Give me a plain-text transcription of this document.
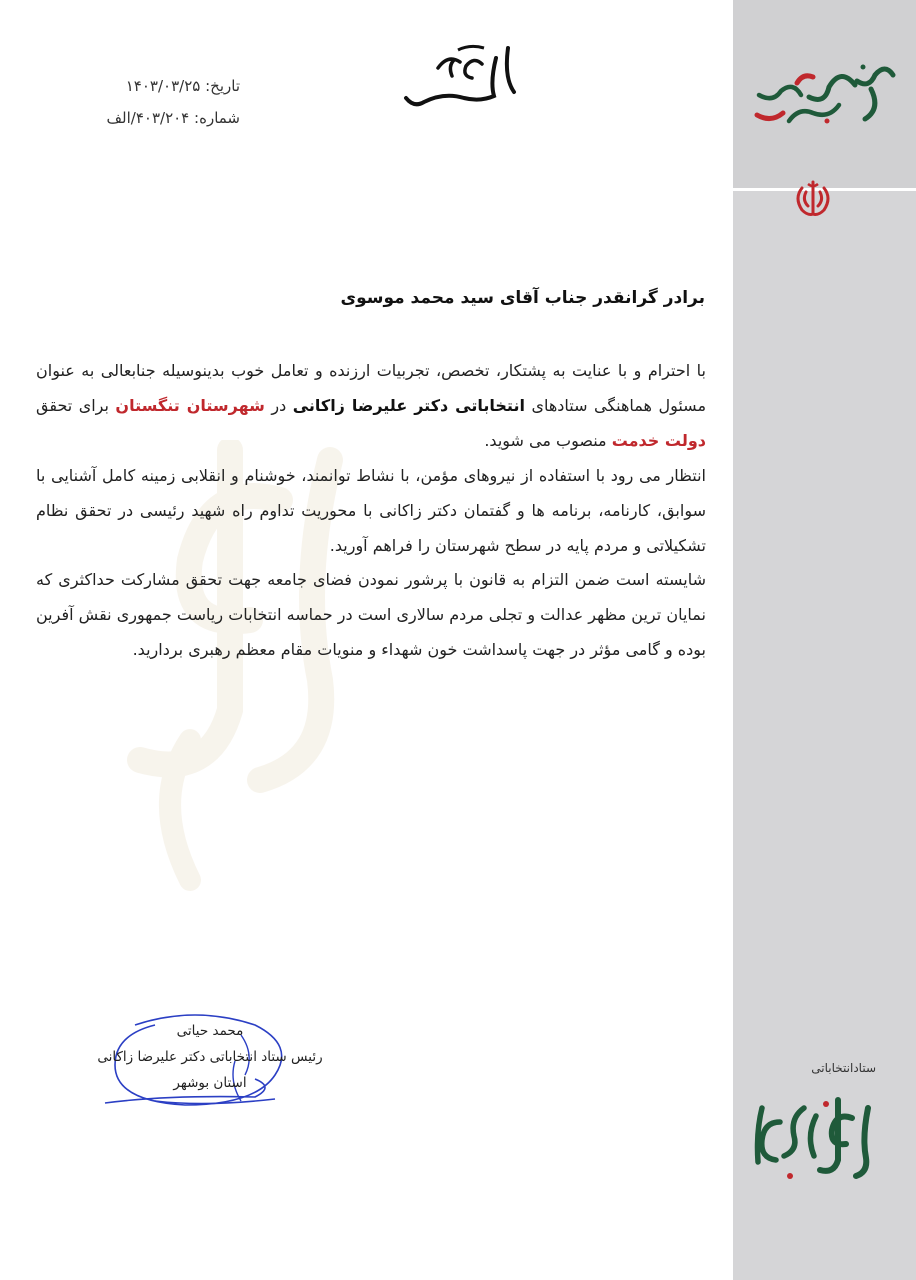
ستادانتخاباتی
تاریخ: ۱۴۰۳/۰۳/۲۵
شماره: ۴۰۳/۲۰۴/الف
برادر گرانقدر جناب آقای سید محمد موسوی

با احترام و با عنایت به پشتکار، تخصص، تجربیات ارزنده و تعامل خوب بدینوسیله جنابعالی به عنوان مسئول هماهنگی ستادهای انتخاباتی دکتر علیرضا زاکانی در شهرستان تنگستان برای تحقق دولت خدمت منصوب می شوید.

انتظار می رود با استفاده از نیروهای مؤمن، با نشاط توانمند، خوشنام و انقلابی زمینه کامل آشنایی با سوابق، کارنامه، برنامه ها و گفتمان دکتر زاکانی با محوریت تداوم راه شهید رئیسی در تحقق نظام تشکیلاتی و مردم پایه در سطح شهرستان را فراهم آورید.

شایسته است ضمن التزام به قانون با پرشور نمودن فضای جامعه جهت تحقق مشارکت حداکثری که نمایان ترین مظهر عدالت و تجلی مردم سالاری است در حماسه انتخابات ریاست جمهوری نقش آفرین بوده و گامی مؤثر در جهت پاسداشت خون شهداء و منویات مقام معظم رهبری بردارید.

محمد حیاتی
رئیس ستاد انتخاباتی دکتر علیرضا زاکانی
استان بوشهر
